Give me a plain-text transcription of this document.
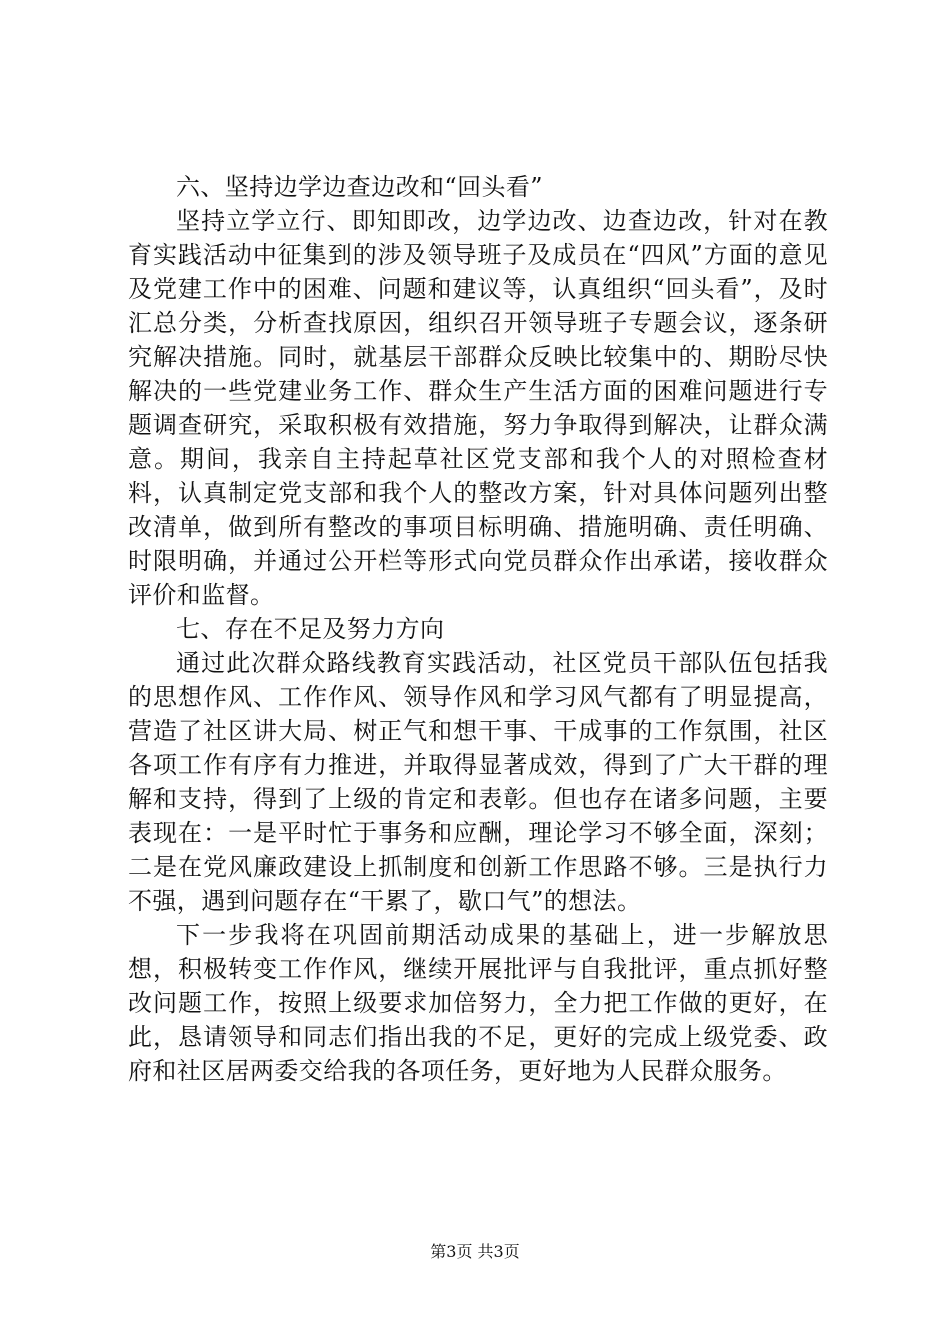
六、坚持边学边查边改和“回头看”

坚持立学立行、即知即改，边学边改、边查边改，针对在教育实践活动中征集到的涉及领导班子及成员在“四风”方面的意见及党建工作中的困难、问题和建议等，认真组织“回头看”，及时汇总分类，分析查找原因，组织召开领导班子专题会议，逐条研究解决措施。同时，就基层干部群众反映比较集中的、期盼尽快解决的一些党建业务工作、群众生产生活方面的困难问题进行专题调查研究，采取积极有效措施，努力争取得到解决，让群众满意。期间，我亲自主持起草社区党支部和我个人的对照检查材料，认真制定党支部和我个人的整改方案，针对具体问题列出整改清单，做到所有整改的事项目标明确、措施明确、责任明确、时限明确，并通过公开栏等形式向党员群众作出承诺，接收群众评价和监督。

七、存在不足及努力方向

通过此次群众路线教育实践活动，社区党员干部队伍包括我的思想作风、工作作风、领导作风和学习风气都有了明显提高，营造了社区讲大局、树正气和想干事、干成事的工作氛围，社区各项工作有序有力推进，并取得显著成效，得到了广大干群的理解和支持，得到了上级的肯定和表彰。但也存在诸多问题，主要表现在：一是平时忙于事务和应酬，理论学习不够全面，深刻；二是在党风廉政建设上抓制度和创新工作思路不够。三是执行力不强，遇到问题存在“干累了，歇口气”的想法。

下一步我将在巩固前期活动成果的基础上，进一步解放思想，积极转变工作作风，继续开展批评与自我批评，重点抓好整改问题工作，按照上级要求加倍努力，全力把工作做的更好，在此，恳请领导和同志们指出我的不足，更好的完成上级党委、政府和社区居两委交给我的各项任务，更好地为人民群众服务。

第3页 共3页
